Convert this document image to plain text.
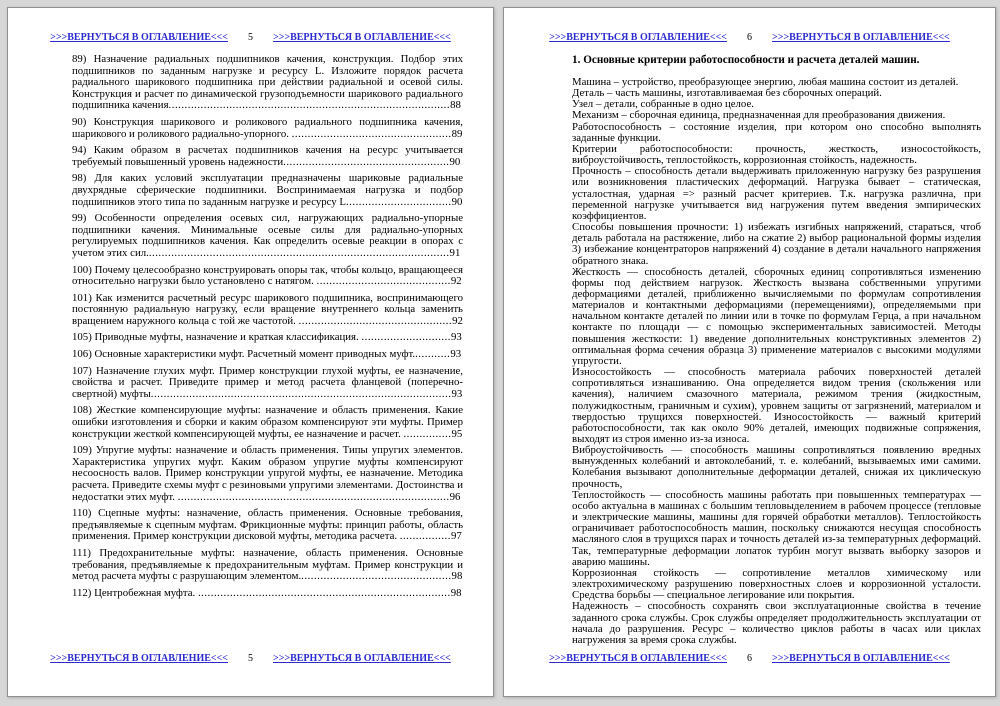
>>>ВЕРНУТЬСЯ В ОГЛАВЛЕНИЕ<<< 5 >>>ВЕРНУТЬСЯ В ОГЛАВЛЕНИЕ<<<
89) Назначение радиальных подшипников качения, конструкция. Подбор этих подшипников по заданным нагрузке и ресурсу L. Изложите порядок расчета радиального шарикового подшипника при действии радиальной и осевой силы. Конструкция и расчет по динамической грузоподъемности шарикового радиального подшипника качения........................................................................................88
90) Конструкция шарикового и роликового радиального подшипника качения, шарикового и роликового радиально-упорного. ..................................................89
94) Каким образом в расчетах подшипников качения на ресурс учитывается требуемый повышенный уровень надежности....................................................90
98) Для каких условий эксплуатации предназначены шариковые радиальные двухрядные сферические подшипники. Воспринимаемая нагрузка и подбор подшипников этого типа по заданным нагрузке и ресурсу L.................................90
99) Особенности определения осевых сил, нагружающих радиально-упорные подшипники качения. Минимальные осевые силы для радиально-упорных регулируемых подшипников качения. Как определить осевые реакции в опорах с учетом этих сил...............................................................................................91
100) Почему целесообразно конструировать опоры так, чтобы кольцо, вращающееся относительно нагрузки было установлено с натягом. ..........................................92
101) Как изменится расчетный ресурс шарикового подшипника, воспринимающего постоянную радиальную нагрузку, если вращение внутреннего кольца заменить вращением наружного кольца с той же частотой. ................................................92
105) Приводные муфты, назначение и краткая классификация. ............................93
106) Основные характеристики муфт. Расчетный момент приводных муфт............93
107) Назначение глухих муфт. Пример конструкции глухой муфты, ее назначение, свойства и расчет. Приведите пример и метод расчета фланцевой (поперечно-свертной) муфты..............................................................................................93
108) Жесткие компенсирующие муфты: назначение и область применения. Какие ошибки изготовления и сборки и каким образом компенсируют эти муфты. Пример конструкции жесткой компенсирующей муфты, ее назначение и расчет. ...............95
109) Упругие муфты: назначение и область применения. Типы упругих элементов. Характеристика упругих муфт. Каким образом упругие муфты компенсируют несоосность валов. Пример конструкции упругой муфты, ее назначение. Методика расчета. Приведите схемы муфт с резиновыми упругими элементами. Достоинства и недостатки этих муфт. .....................................................................................96
110) Сцепные муфты: назначение, область применения. Основные требования, предъявляемые к сцепным муфтам. Фрикционные муфты: принцип работы, область применения. Пример конструкции дисковой муфты, методика расчета. ................97
111) Предохранительные муфты: назначение, область применения. Основные требования, предъявляемые к предохранительным муфтам. Пример конструкции и метод расчета муфты с разрушающим элементом................................................98
112) Центробежная муфта. ...............................................................................98
>>>ВЕРНУТЬСЯ В ОГЛАВЛЕНИЕ<<< 5 >>>ВЕРНУТЬСЯ В ОГЛАВЛЕНИЕ<<<
>>>ВЕРНУТЬСЯ В ОГЛАВЛЕНИЕ<<< 6 >>>ВЕРНУТЬСЯ В ОГЛАВЛЕНИЕ<<<
1. Основные критерии работоспособности и расчета деталей машин.

Машина – устройство, преобразующее энергию, любая машина состоит из деталей.

Деталь – часть машины, изготавливаемая без сборочных операций.

Узел – детали, собранные в одно целое.

Механизм – сборочная единица, предназначенная для преобразования движения.

Работоспособность – состояние изделия, при котором оно способно выполнять заданные функции.

Критерии работоспособности: прочность, жесткость, износостойкость, виброустойчивость, теплостойкость, коррозионная стойкость, надежность.

Прочность – способность детали выдерживать приложенную нагрузку без разрушения или возникновения пластических деформаций. Нагрузка бывает – статическая, усталостная, ударная => разный расчет критериев. Т.к. нагрузка различна, при переменной нагрузке учитывается вид нагружения путем введения эмпирических коэффициентов.

Способы повышения прочности: 1) избежать изгибных напряжений, стараться, чтоб деталь работала на растяжение, либо на сжатие 2) выбор рациональной формы изделия 3) избежание концентраторов напряжений 4) создание в детали начального напряжения обратного знака.

Жесткость — способность деталей, сборочных единиц сопротивляться изменению формы под действием нагрузок. Жесткость вызвана собственными упругими деформациями деталей, приближенно вычисляемыми по формулам сопротивления материалов и контактными деформациями (перемещениями), определяемыми при начальном контакте деталей по линии или в точке по формулам Герца, а при начальном контакте по площади — с помощью экспериментальных зависимостей. Методы повышения жесткости: 1) введение дополнительных конструктивных элементов 2) оптимальная форма сечения образца 3) применение материалов с высокими модулями упругости.

Износостойкость — способность материала рабочих поверхностей деталей сопротивляться изнашиванию. Она определяется видом трения (скольжения или качения), наличием смазочного материала, режимом трения (жидкостным, полужидкостным, граничным и сухим), уровнем защиты от загрязнений, материалом и твердостью трущихся поверхностей. Износостойкость — важный критерий работоспособности, так как около 90% деталей, имеющих подвижные сопряжения, выходят из строя именно из-за износа.

Виброустойчивость — способность машины сопротивляться появлению вредных вынужденных колебаний и автоколебаний, т. е. колебаний, вызываемых ими самими. Колебания вызывают дополнительные деформации деталей, снижая их циклическую прочность,

Теплостойкость — способность машины работать при повышенных температурах — особо актуальна в машинах с большим тепловыделением в рабочем процессе (тепловые и электрические машины, машины для горячей обработки металлов). Теплостойкость ограничивает работоспособность машин, поскольку снижаются несущая способность масляного слоя в трущихся парах и точность деталей из-за температурных деформаций. Так, температурные деформации лопаток турбин могут вызвать выборку зазоров и аварию машины.

Коррозионная стойкость — сопротивление металлов химическому или электрохимическому разрушению поверхностных слоев и коррозионной усталости. Средства борьбы — специальное легирование или покрытия.

Надежность – способность сохранять свои эксплуатационные свойства в течение заданного срока службы. Срок службы определяет продолжительность эксплуатации от начала до разрушения. Ресурс – количество циклов работы в часах или циклах нагружения за время срока службы.

>>>ВЕРНУТЬСЯ В ОГЛАВЛЕНИЕ<<< 6 >>>ВЕРНУТЬСЯ В ОГЛАВЛЕНИЕ<<<
